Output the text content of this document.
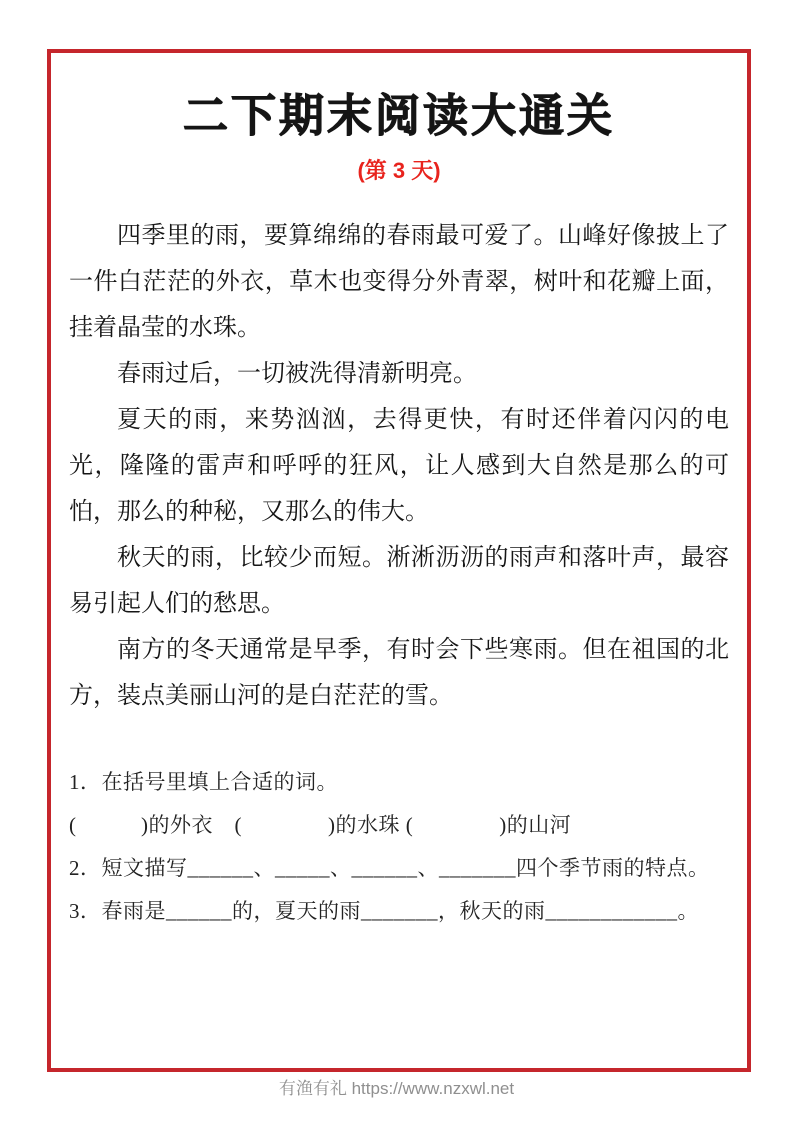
二下期末阅读大通关
(第 3 天)

四季里的雨，要算绵绵的春雨最可爱了。山峰好像披上了一件白茫茫的外衣，草木也变得分外青翠，树叶和花瓣上面，挂着晶莹的水珠。

春雨过后，一切被洗得清新明亮。

夏天的雨，来势汹汹，去得更快，有时还伴着闪闪的电光，隆隆的雷声和呼呼的狂风，让人感到大自然是那么的可怕，那么的种秘，又那么的伟大。

秋天的雨，比较少而短。淅淅沥沥的雨声和落叶声，最容易引起人们的愁思。

南方的冬天通常是早季，有时会下些寒雨。但在祖国的北方，装点美丽山河的是白茫茫的雪。

1．在括号里填上合适的词。

(　　　)的外衣　(　　　　)的水珠 (　　　　)的山河

2．短文描写______、_____、______、_______四个季节雨的特点。

3．春雨是______的，夏天的雨_______，秋天的雨____________。

有渔有礼 https://www.nzxwl.net
